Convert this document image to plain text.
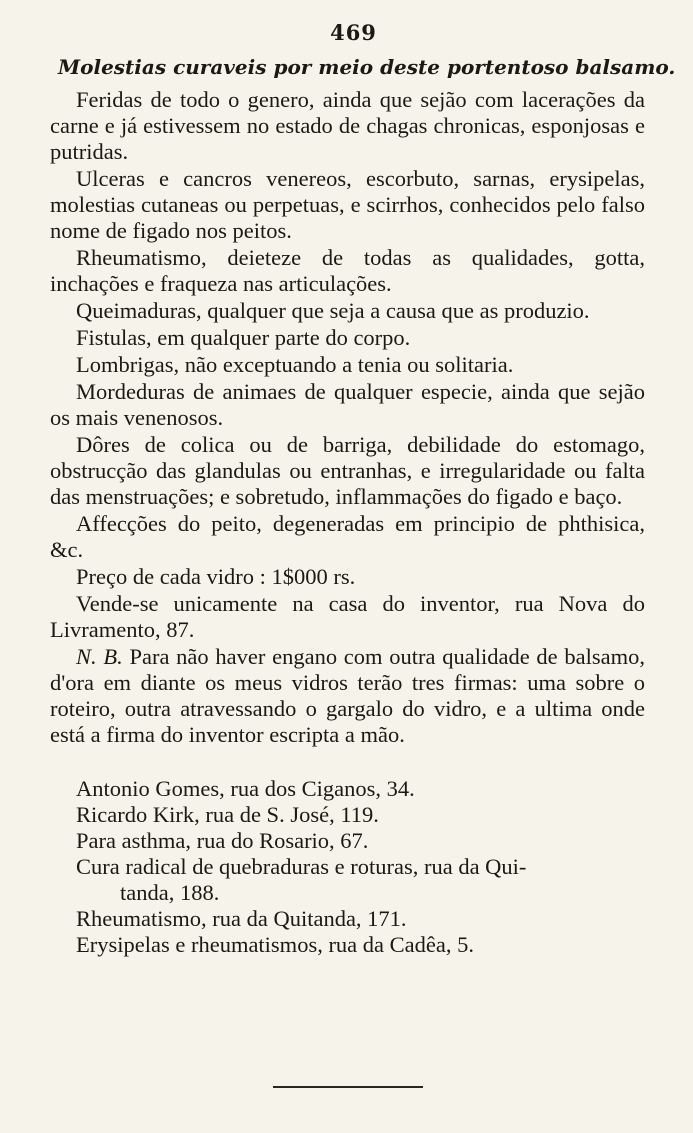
469
Molestias curaveis por meio deste portentoso balsamo.

Feridas de todo o genero, ainda que sejão com lacerações da carne e já estivessem no estado de chagas chronicas, esponjosas e putridas.

Ulceras e cancros venereos, escorbuto, sarnas, erysipelas, molestias cutaneas ou perpetuas, e scirrhos, conhecidos pelo falso nome de figado nos peitos.

Rheumatismo, deieteze de todas as qualidades, gotta, inchações e fraqueza nas articulações.

Queimaduras, qualquer que seja a causa que as produzio.

Fistulas, em qualquer parte do corpo.

Lombrigas, não exceptuando a tenia ou solitaria.

Mordeduras de animaes de qualquer especie, ainda que sejão os mais venenosos.

Dôres de colica ou de barriga, debilidade do estomago, obstrucção das glandulas ou entranhas, e irregularidade ou falta das menstruações; e sobretudo, inflammações do figado e baço.

Affecções do peito, degeneradas em principio de phthisica, &c.

Preço de cada vidro : 1$000 rs.

Vende-se unicamente na casa do inventor, rua Nova do Livramento, 87.

N. B. Para não haver engano com outra qualidade de balsamo, d'ora em diante os meus vidros terão tres firmas: uma sobre o roteiro, outra atravessando o gargalo do vidro, e a ultima onde está a firma do inventor escripta a mão.

Antonio Gomes, rua dos Ciganos, 34.
Ricardo Kirk, rua de S. José, 119.
Para asthma, rua do Rosario, 67.
Cura radical de quebraduras e roturas, rua da Qui-
tanda, 188.
Rheumatismo, rua da Quitanda, 171.
Erysipelas e rheumatismos, rua da Cadêa, 5.
